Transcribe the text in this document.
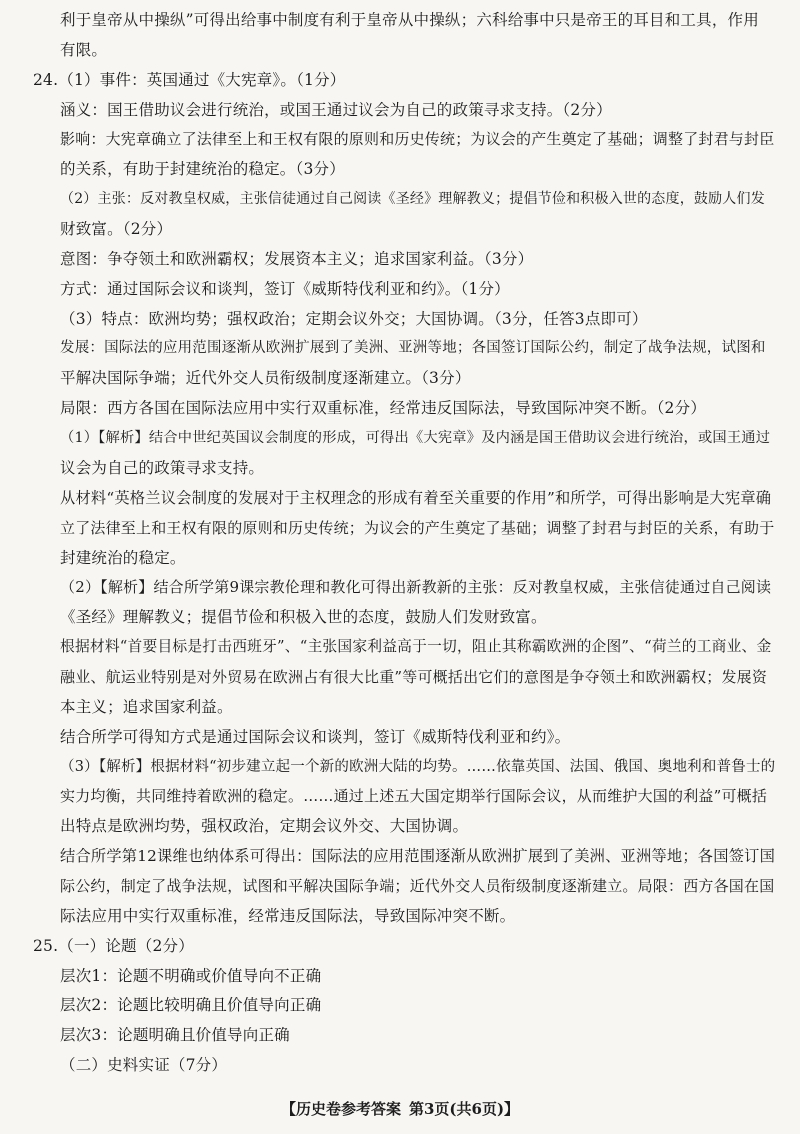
利于皇帝从中操纵”可得出给事中制度有利于皇帝从中操纵；六科给事中只是帝王的耳目和工具，作用
有限。
24.（1）事件：英国通过《大宪章》。（1分）
涵义：国王借助议会进行统治，或国王通过议会为自己的政策寻求支持。（2分）
影响：大宪章确立了法律至上和王权有限的原则和历史传统；为议会的产生奠定了基础；调整了封君与封臣
的关系，有助于封建统治的稳定。（3分）
（2）主张：反对教皇权威，主张信徒通过自己阅读《圣经》理解教义；提倡节俭和积极入世的态度，鼓励人们发
财致富。（2分）
意图：争夺领土和欧洲霸权；发展资本主义；追求国家利益。（3分）
方式：通过国际会议和谈判，签订《威斯特伐利亚和约》。（1分）
（3）特点：欧洲均势；强权政治；定期会议外交；大国协调。（3分，任答3点即可）
发展：国际法的应用范围逐渐从欧洲扩展到了美洲、亚洲等地；各国签订国际公约，制定了战争法规，试图和
平解决国际争端；近代外交人员衔级制度逐渐建立。（3分）
局限：西方各国在国际法应用中实行双重标准，经常违反国际法，导致国际冲突不断。（2分）
（1）【解析】结合中世纪英国议会制度的形成，可得出《大宪章》及内涵是国王借助议会进行统治，或国王通过
议会为自己的政策寻求支持。
从材料“英格兰议会制度的发展对于主权理念的形成有着至关重要的作用”和所学，可得出影响是大宪章确
立了法律至上和王权有限的原则和历史传统；为议会的产生奠定了基础；调整了封君与封臣的关系，有助于
封建统治的稳定。
（2）【解析】结合所学第9课宗教伦理和教化可得出新教新的主张：反对教皇权威，主张信徒通过自己阅读
《圣经》理解教义；提倡节俭和积极入世的态度，鼓励人们发财致富。
根据材料“首要目标是打击西班牙”、“主张国家利益高于一切，阻止其称霸欧洲的企图”、“荷兰的工商业、金
融业、航运业特别是对外贸易在欧洲占有很大比重”等可概括出它们的意图是争夺领土和欧洲霸权；发展资
本主义；追求国家利益。
结合所学可得知方式是通过国际会议和谈判，签订《威斯特伐利亚和约》。
（3）【解析】根据材料“初步建立起一个新的欧洲大陆的均势。……依靠英国、法国、俄国、奥地利和普鲁士的
实力均衡，共同维持着欧洲的稳定。……通过上述五大国定期举行国际会议，从而维护大国的利益”可概括
出特点是欧洲均势，强权政治，定期会议外交、大国协调。
结合所学第12课维也纳体系可得出：国际法的应用范围逐渐从欧洲扩展到了美洲、亚洲等地；各国签订国
际公约，制定了战争法规，试图和平解决国际争端；近代外交人员衔级制度逐渐建立。局限：西方各国在国
际法应用中实行双重标准，经常违反国际法，导致国际冲突不断。
25.（一）论题（2分）
层次1：论题不明确或价值导向不正确
层次2：论题比较明确且价值导向正确
层次3：论题明确且价值导向正确
（二）史料实证（7分）
【历史卷参考答案 第3页(共6页)】
